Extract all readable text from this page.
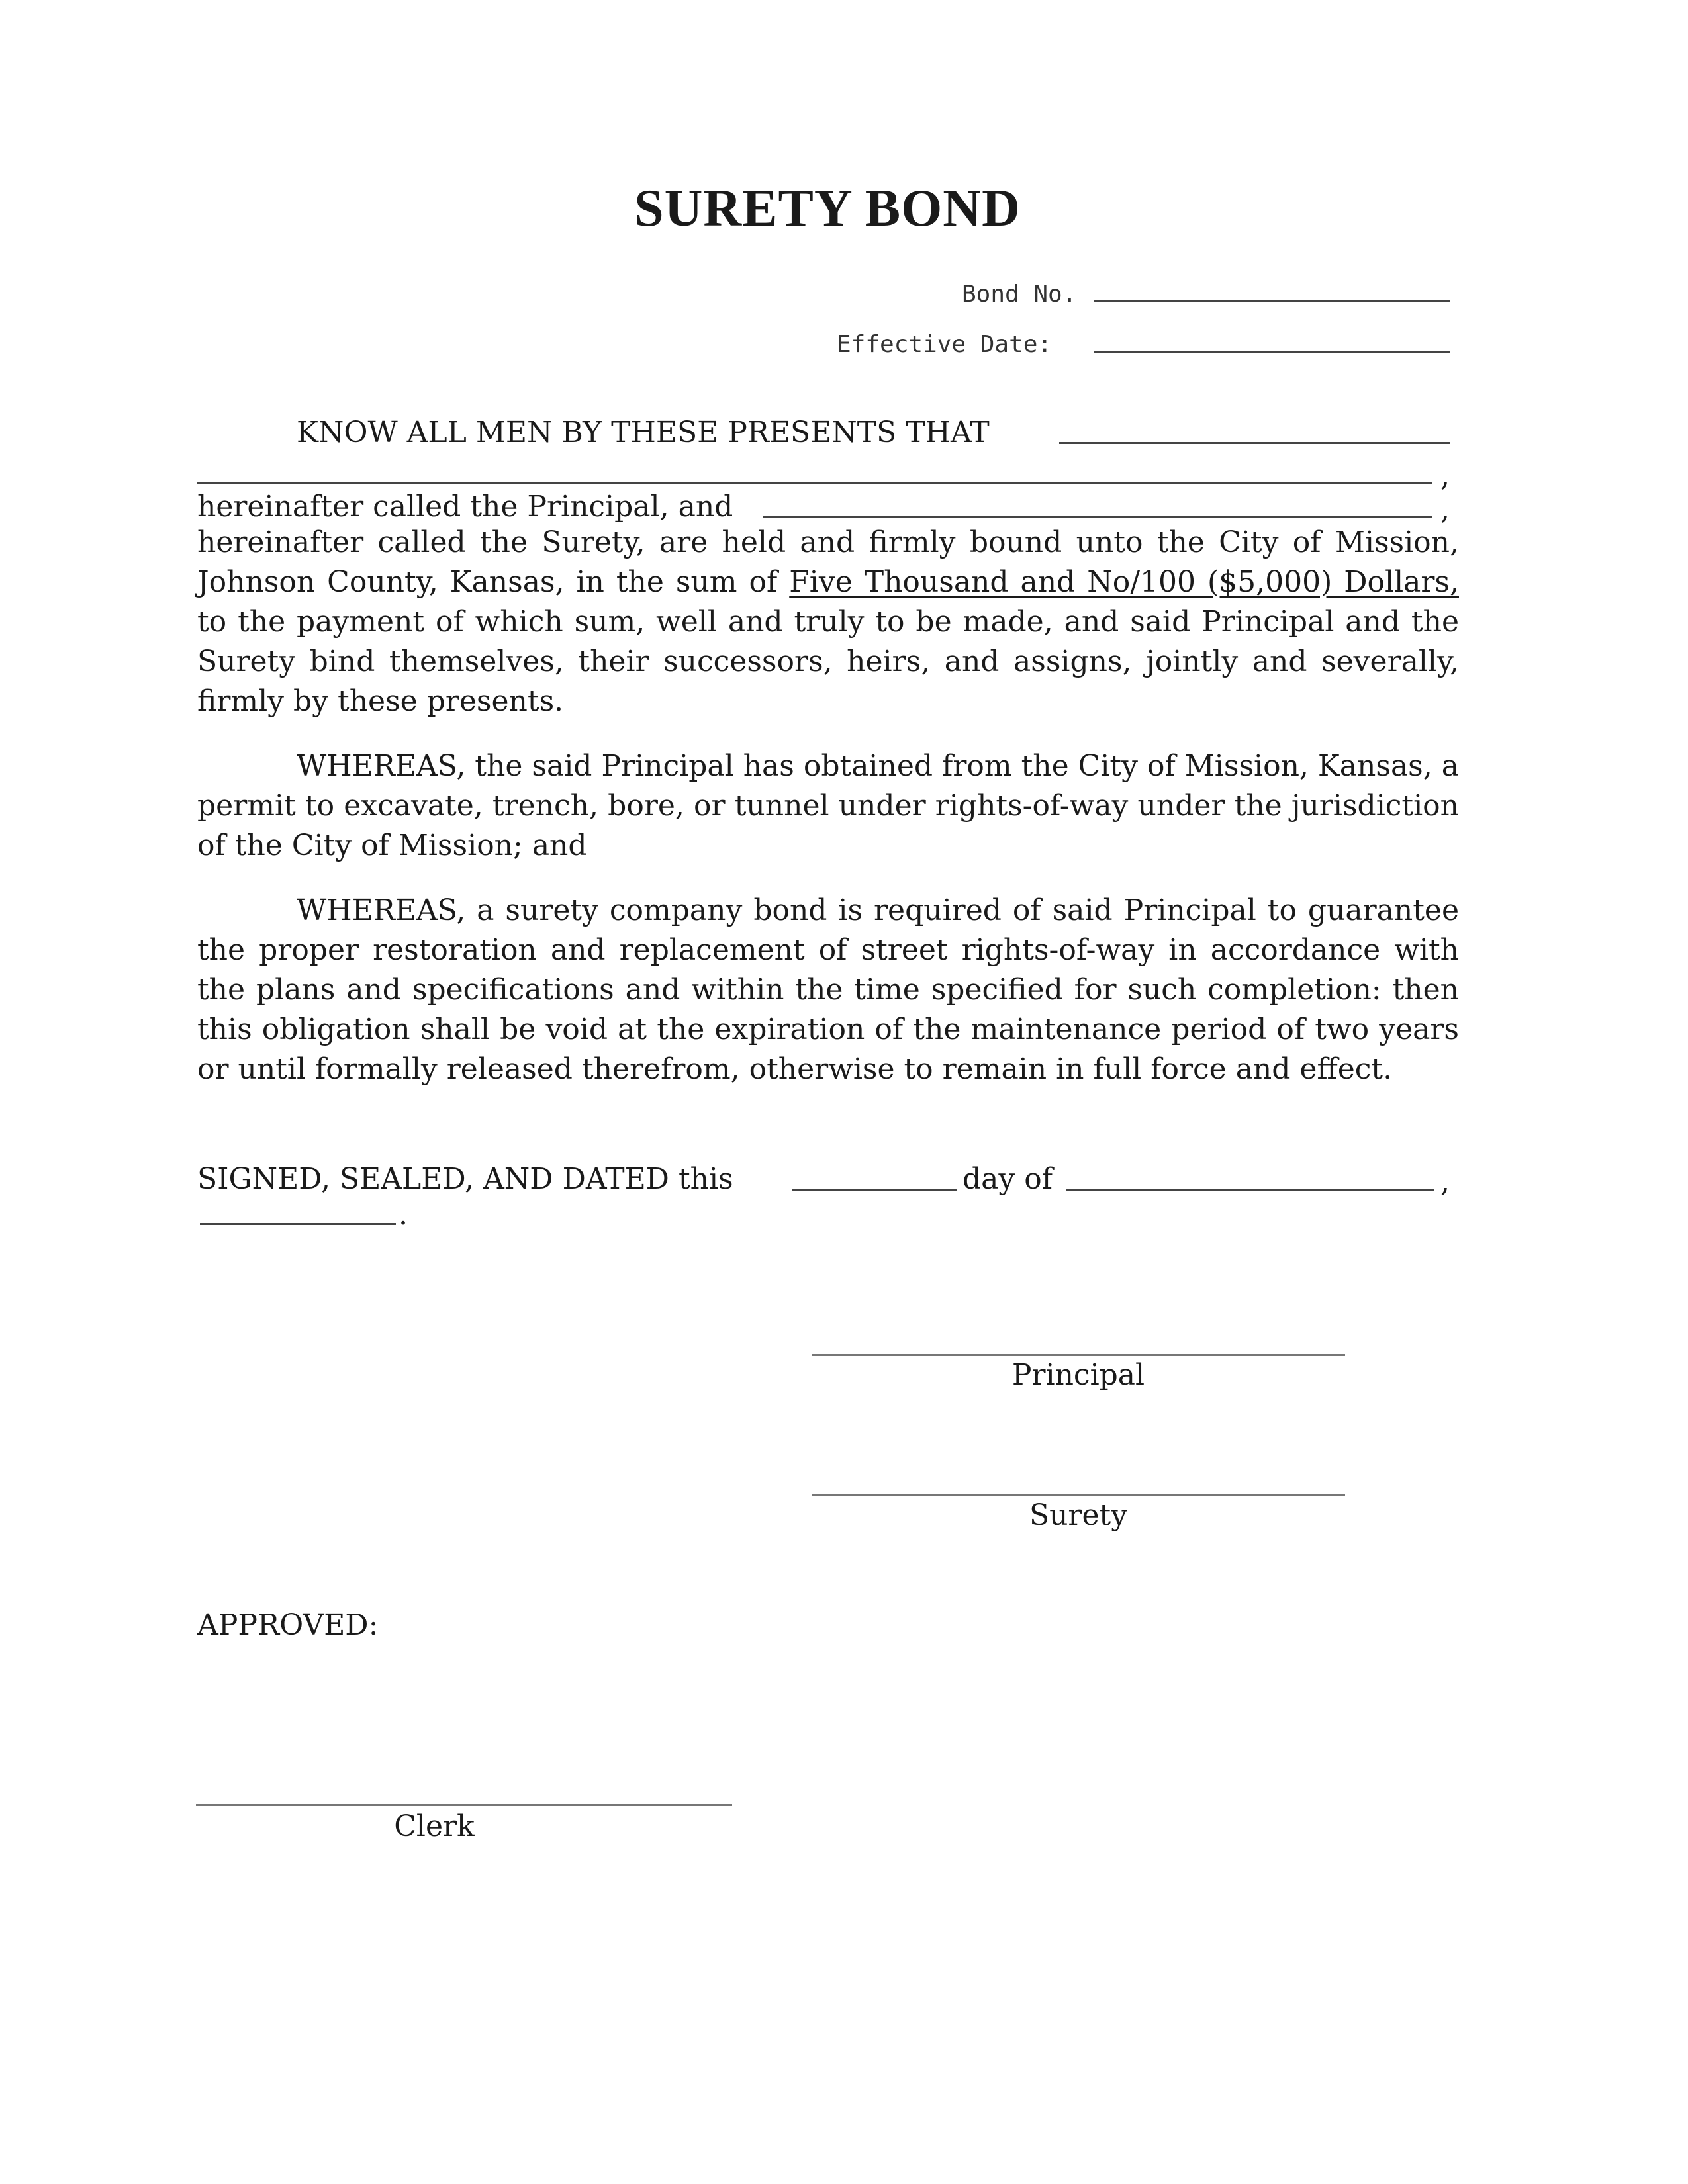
SURETY BOND
Bond No.
Effective Date:
KNOW ALL MEN BY THESE PRESENTS THAT
,
hereinafter called the Principal, and	,
hereinafter called the Surety, are held and firmly bound unto the City of Mission, Johnson County, Kansas, in the sum of Five Thousand and No/100 ($5,000) Dollars, to the payment of which sum, well and truly to be made, and said Principal and the Surety bind themselves, their successors, heirs, and assigns, jointly and severally, firmly by these presents.
WHEREAS, the said Principal has obtained from the City of Mission, Kansas, a permit to excavate, trench, bore, or tunnel under rights-of-way under the jurisdiction of the City of Mission; and
WHEREAS, a surety company bond is required of said Principal to guarantee the proper restoration and replacement of street rights-of-way in accordance with the plans and specifications and within the time specified for such completion: then this obligation shall be void at the expiration of the maintenance period of two years or until formally released therefrom, otherwise to remain in full force and effect.
SIGNED, SEALED, AND DATED this	day of	,
.
Principal
Surety
APPROVED:
Clerk
